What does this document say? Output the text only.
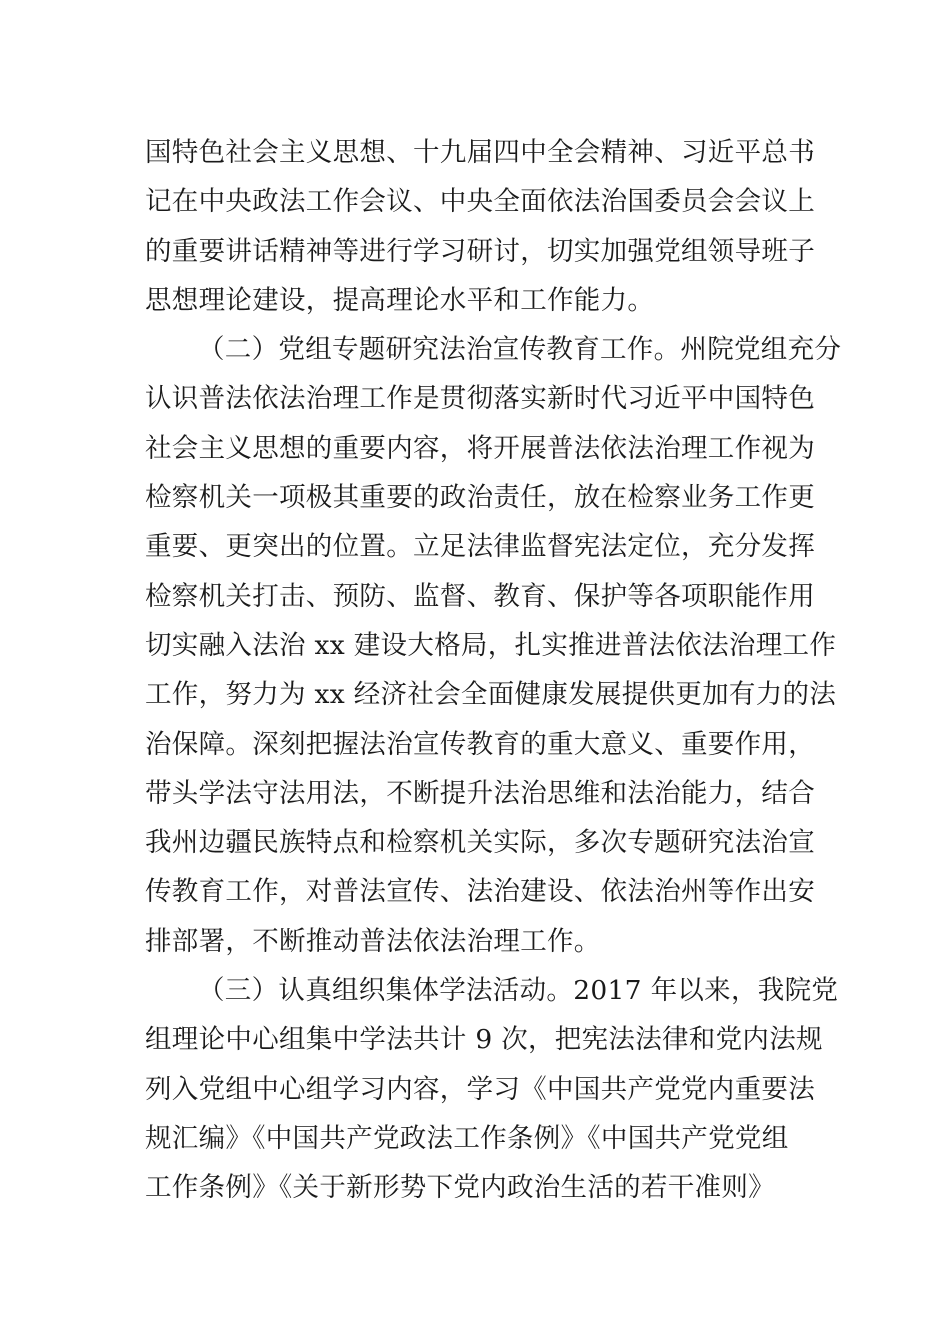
国特色社会主义思想、十九届四中全会精神、习近平总书
记在中央政法工作会议、中央全面依法治国委员会会议上
的重要讲话精神等进行学习研讨，切实加强党组领导班子
思想理论建设，提高理论水平和工作能力。
（二）党组专题研究法治宣传教育工作。州院党组充分
认识普法依法治理工作是贯彻落实新时代习近平中国特色
社会主义思想的重要内容，将开展普法依法治理工作视为
检察机关一项极其重要的政治责任，放在检察业务工作更
重要、更突出的位置。立足法律监督宪法定位，充分发挥
检察机关打击、预防、监督、教育、保护等各项职能作用
切实融入法治 xx 建设大格局，扎实推进普法依法治理工作
工作，努力为 xx 经济社会全面健康发展提供更加有力的法
治保障。深刻把握法治宣传教育的重大意义、重要作用，
带头学法守法用法，不断提升法治思维和法治能力，结合
我州边疆民族特点和检察机关实际，多次专题研究法治宣
传教育工作，对普法宣传、法治建设、依法治州等作出安
排部署，不断推动普法依法治理工作。
（三）认真组织集体学法活动。2017 年以来，我院党
组理论中心组集中学法共计 9 次，把宪法法律和党内法规
列入党组中心组学习内容，学习《中国共产党党内重要法
规汇编》《中国共产党政法工作条例》《中国共产党党组
工作条例》《关于新形势下党内政治生活的若干准则》
